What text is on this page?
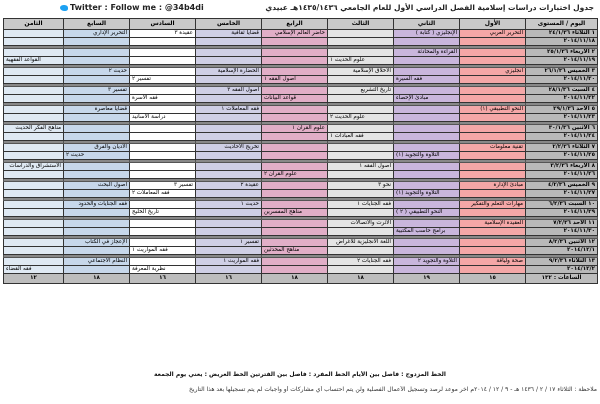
Twitter : Follow me : @34b4di	جدول اختبارات دراسات إسلامية الفصل الدراسي الأول للعام الجامعي ١٤٣٥/١٤٣٦هـ عبيدي
اليوم / المستوى	الأول	الثاني	الثالث	الرابع	الخامس	السادس	السابع	الثامن
١ الثلاثاء ٢٤/١/٣٦	التحرير العربي	الإنجليزي ( كتابة )		حاضر العالم الإسلامي	قضايا ثقافية	عقيدة ٣	التحرير الإداري	
٢٠١٤/١١/١٨								

٢ الأربعاء ٢٥/١/٣٦		القراءة والمحادثة						
٢٠١٤/١١/١٩			علوم الحديث ١					القواعد الفقهية

٣ الخميس ٢٦/١/٣٦	انجليزي		الأخلاق الإسلامية		الحضارة الإسلامية		حديث ٢	
٢٠١٤/١١/٢٠		فقه السيرة		أصول الفقه ١		تفسير ٢		

٤ السبت ٢٨/١/٣٦			تاريخ التشريع		أصول الفقه ٣		تفسير ٣	
٢٠١٤/١١/٢٢		مبادئ الإحصاء		قواعد البيانات		فقه الأسرة		

٥ الأحد ٢٩/١/٣٦	النحو التطبيقي (١)				فقه المعاملات ١		قضايا معاصرة	
٢٠١٤/١١/٢٣			علوم الحديث ٢			دراسة الأسانيد		

٦ الاثنين ٣٠/١/٣٦				علوم القرآن ١				مناهج الفكر الحديث
٢٠١٤/١١/٢٤			فقه العبادات ١					

٧ الثلاثاء ٢/٢/٣٦	تقنية معلومات				تخريج الأحاديث		الأديان والفرق	
٢٠١٤/١١/٢٥		التلاوة والتجويد (١)					حديث ٢	

٨ الأربعاء ٣/٢/٣٦			أصول الفقه ١					الاستشراق والدراسات
٢٠١٤/١١/٢٦				علوم القرآن ٢				

٩ الخميس ٤/٢/٣٦	مبادئ الإدارة		نحو ٣		عقيدة ٢	تفسير ٣	أصول البحث	
٢٠١٤/١١/٢٧		التلاوة والتجويد (١)				فقه المعاملات ٢		

١٠ السبت ٦/٢/٣٦	مهارات التعلم والتفكير		فقه الجنايات ١		حديث ١		فقه الجنايات والحدود	
٢٠١٤/١١/٢٩		النحو التطبيقي ( ٢ )		مناهج المفسرين		تاريخ الخليج		

١١ الأحد ٧/٢/٣٦	العقيدة الإسلامية		الآثرت والاتصالات					
٢٠١٤/١١/٣٠		برامج حاسب المكتبية						

١٢ الاثنين ٨/٢/٣٦			اللغة الانجليزية للأغراض		تفسير ١		الإعجاز في الكتاب	
٢٠١٤/١٢/١				مناهج المحدثين		فقه المواريث ١		

١٣ الثلاثاء ٩/٢/٣٦	صحة ولياقة	التلاوة والتجويد ٢	فقه الجنايات ٢		فقه المواريث ١		النظام الاجتماعي	
٢٠١٤/١٢/٢						نظرية المعرفة		فقه القضاء
الساعات : ١٣٢	١٥	١٩	١٨	١٨	١٦	١٦	١٨	١٢
الخط المزدوج : فاصل بين الأيام الخط المفرد : فاصل بين الفترتين الخط العريض : يعني يوم الجمعة
ملاحظة : الثلاثاء ١٧ / ٢ / ١٤٣٦ هـ - ٩ / ١٢ / ٢٠١٤م آخر موعد لرصد وتسجيل الأعمال الفصلية ولن يتم احتساب أي مشاركات أو واجبات لم يتم تسجيلها بعد هذا التاريخ
